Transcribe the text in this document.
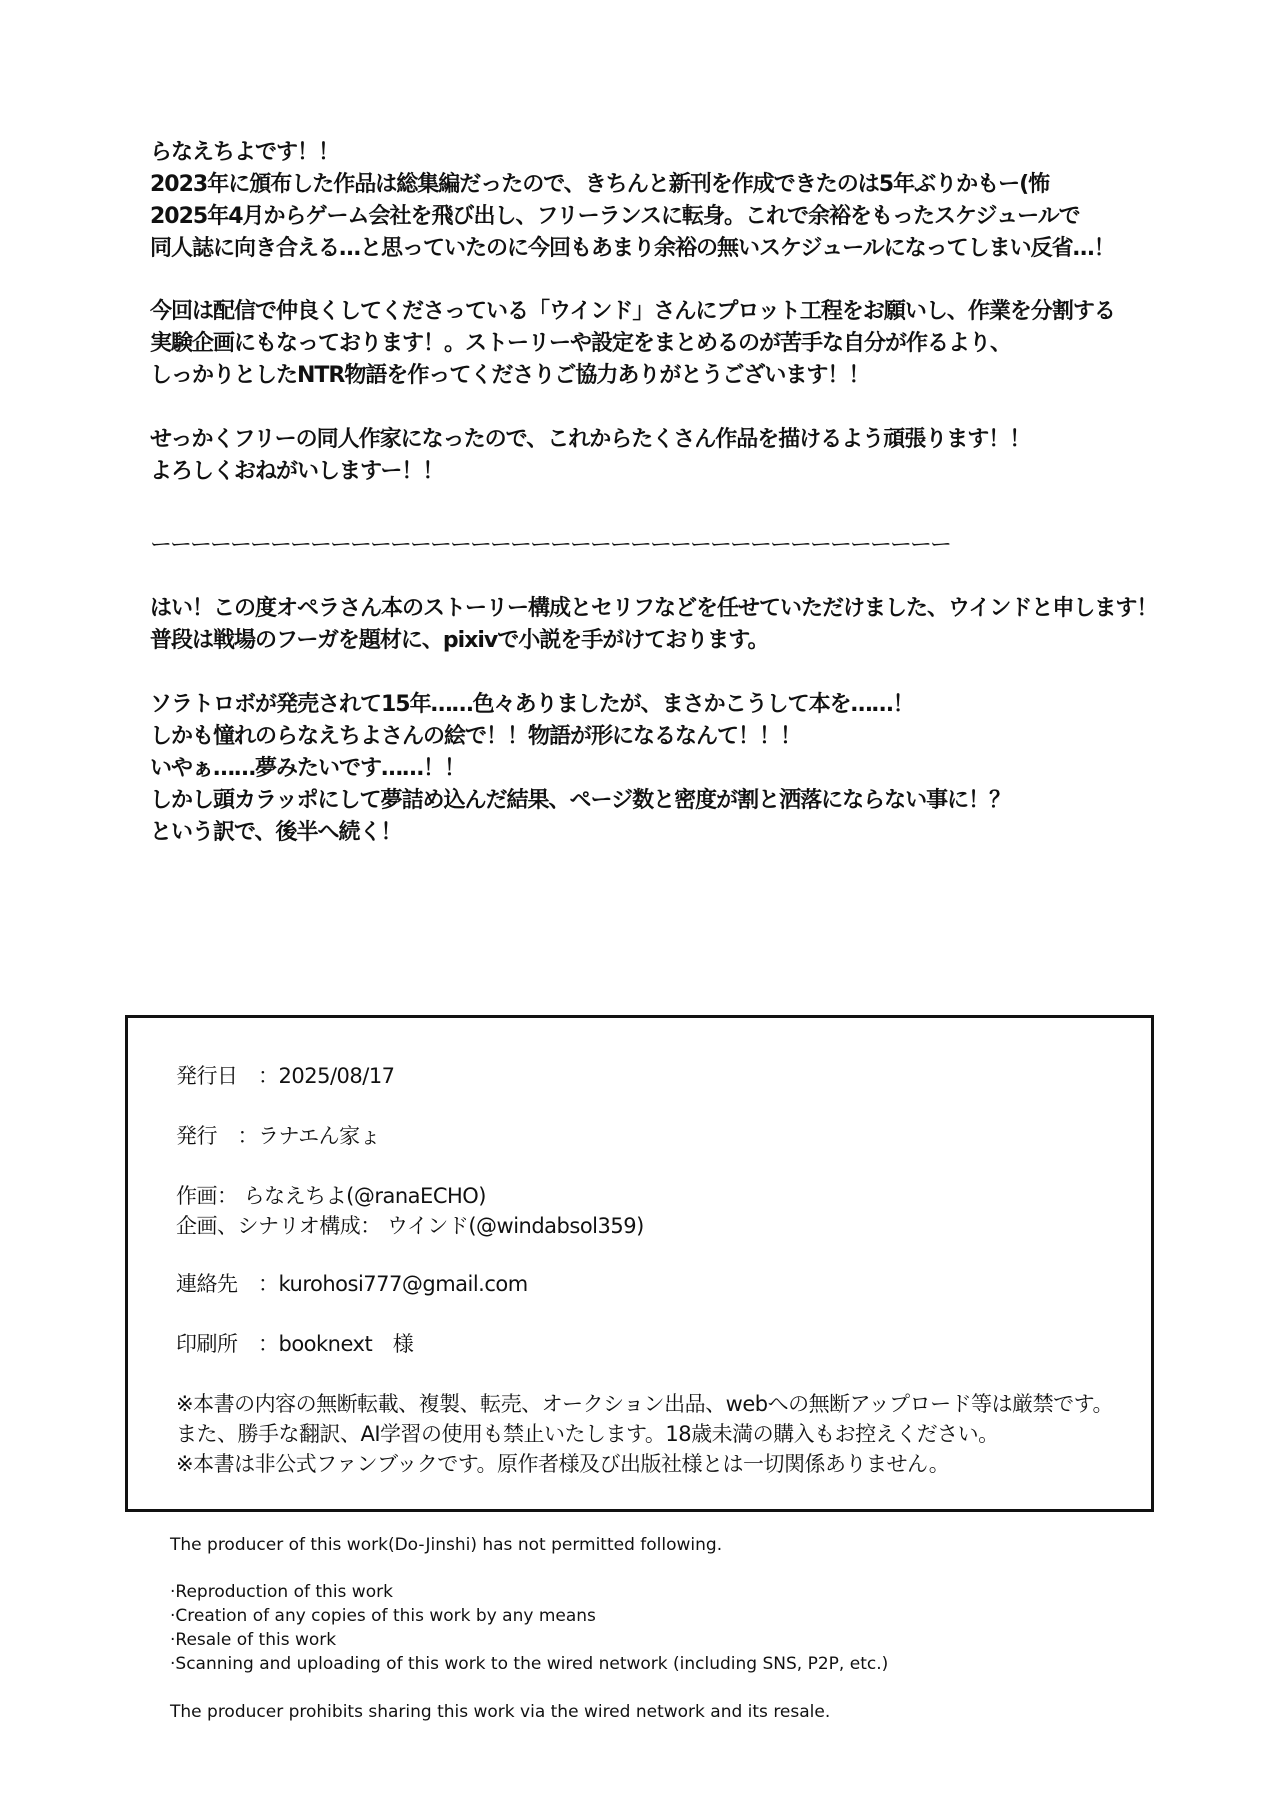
らなえちよです！！
2023年に頒布した作品は総集編だったので、きちんと新刊を作成できたのは5年ぶりかもー(怖
2025年4月からゲーム会社を飛び出し、フリーランスに転身。これで余裕をもったスケジュールで
同人誌に向き合える…と思っていたのに今回もあまり余裕の無いスケジュールになってしまい反省…！
今回は配信で仲良くしてくださっている「ウインド」さんにプロット工程をお願いし、作業を分割する
実験企画にもなっております！。ストーリーや設定をまとめるのが苦手な自分が作るより、
しっかりとしたNTR物語を作ってくださりご協力ありがとうございます！！
せっかくフリーの同人作家になったので、これからたくさん作品を描けるよう頑張ります！！
よろしくおねがいしますー！！
ーーーーーーーーーーーーーーーーーーーーーーーーーーーーーーーーーーーーーーーー
はい！この度オペラさん本のストーリー構成とセリフなどを任せていただけました、ウインドと申します！
普段は戦場のフーガを題材に、pixivで小説を手がけております。
ソラトロボが発売されて15年……色々ありましたが、まさかこうして本を……！
しかも憧れのらなえちよさんの絵で！！物語が形になるなんて！！！
いやぁ……夢みたいです……！！
しかし頭カラッポにして夢詰め込んだ結果、ページ数と密度が割と洒落にならない事に！？
という訳で、後半へ続く！
発行日　：2025/08/17
発行　：ラナエん家ょ
作画： らなえちよ(@ranaECHO)
企画、シナリオ構成： ウインド(@windabsol359)
連絡先　：kurohosi777@gmail.com
印刷所　：booknext　様
※本書の内容の無断転載、複製、転売、オークション出品、webへの無断アップロード等は厳禁です。
また、勝手な翻訳、AI学習の使用も禁止いたします。18歳未満の購入もお控えください。
※本書は非公式ファンブックです。原作者様及び出版社様とは一切関係ありません。
The producer of this work(Do-Jinshi) has not permitted following.
·Reproduction of this work
·Creation of any copies of this work by any means
·Resale of this work
·Scanning and uploading of this work to the wired network (including SNS, P2P, etc.)
The producer prohibits sharing this work via the wired network and its resale.
